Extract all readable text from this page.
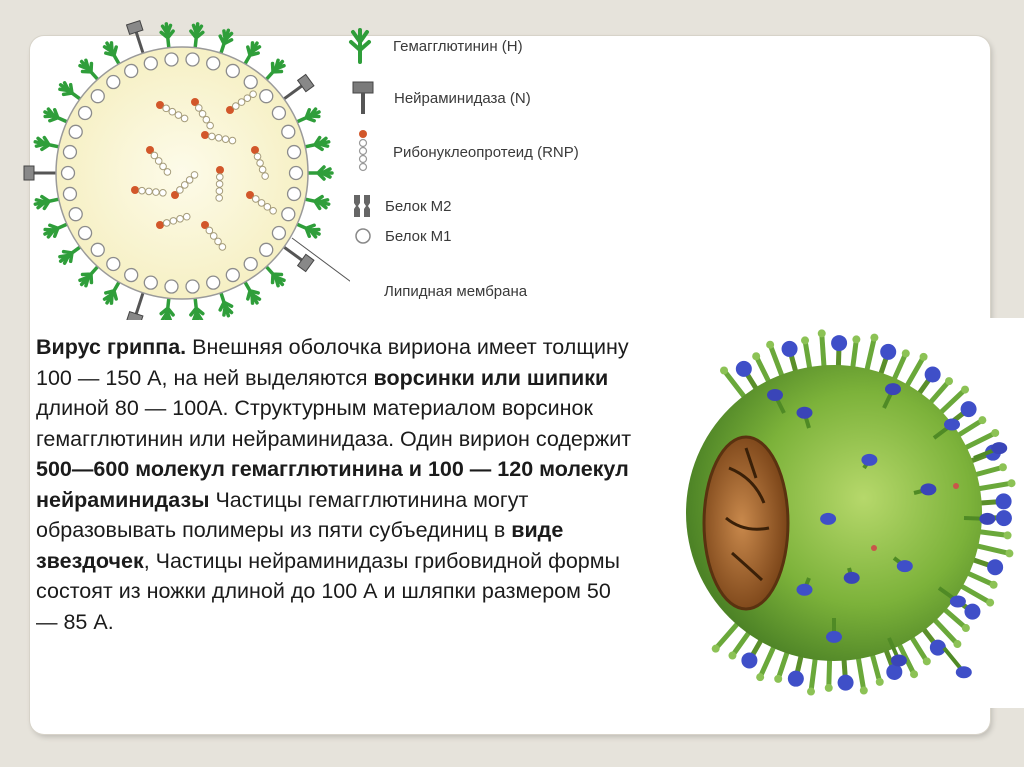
Гемагглютинин (H)
Нейраминидаза (N)
Рибонуклеопротеид (RNP)
Белок М2
Белок М1
Липидная мембрана
Вирус гриппа. Внешняя оболочка вириона имеет толщину 100 — 150 А, на ней выделяются ворсинки или шипики длиной 80 — 100А. Структурным материалом ворсинок гемагглютинин или нейраминидаза. Один вирион содержит 500—600 молекул гемагглютинина и 100 — 120 молекул нейраминидазы Частицы гемагглютинина могут образовывать полимеры из пяти субъединиц в виде звездочек, Частицы нейраминидазы грибовидной формы состоят из ножки длиной до 100 А и шляпки размером 50 — 85 А.
